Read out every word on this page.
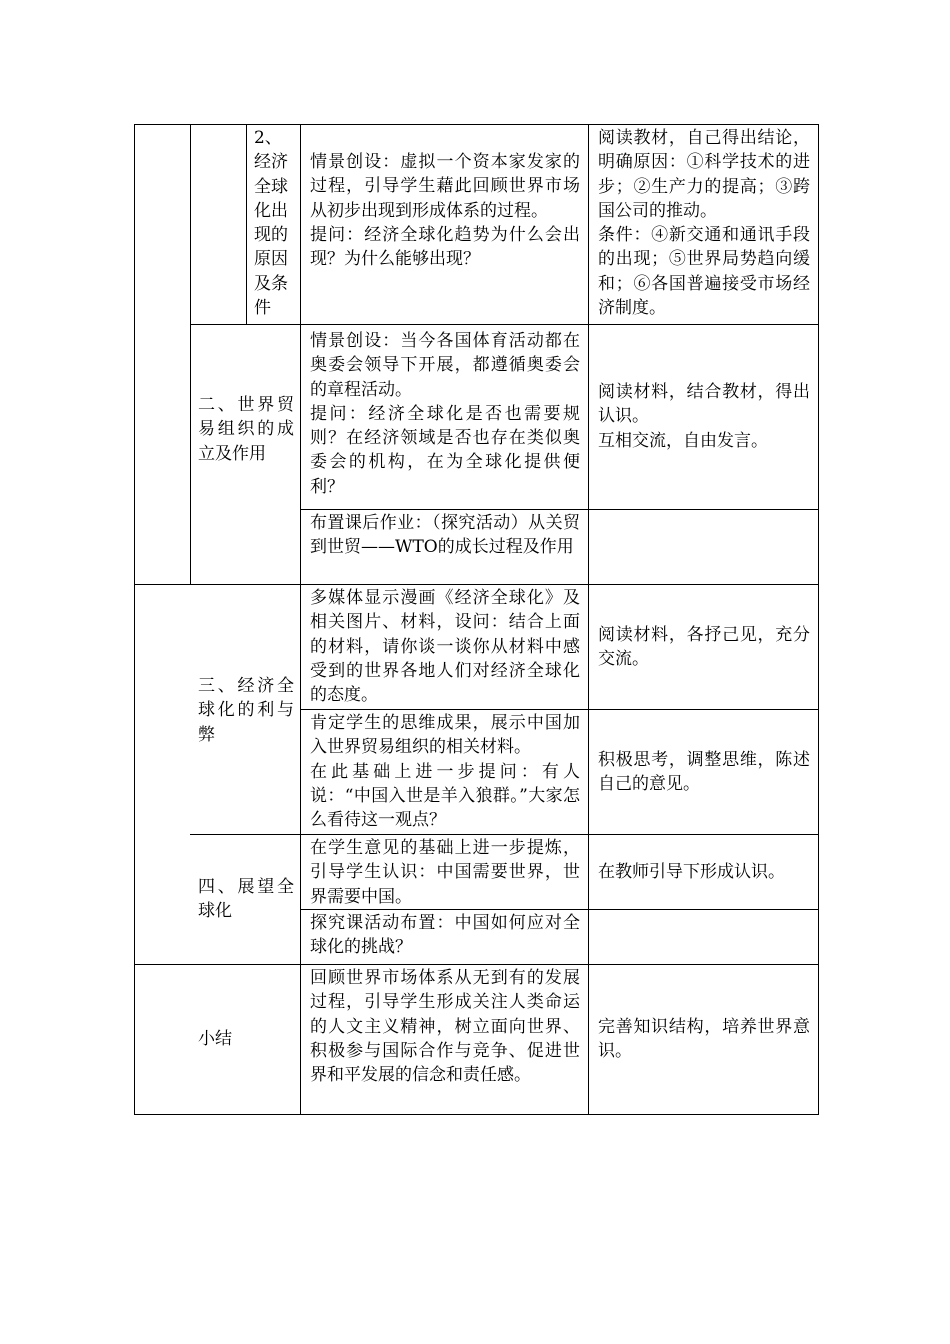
2、经济全球化出现的原因及条件
情景创设：虚拟一个资本家发家的过程，引导学生藉此回顾世界市场从初步出现到形成体系的过程。
提问：经济全球化趋势为什么会出现？为什么能够出现？
阅读教材，自己得出结论，明确原因：①科学技术的进步；②生产力的提高；③跨国公司的推动。
条件：④新交通和通讯手段的出现；⑤世界局势趋向缓和；⑥各国普遍接受市场经济制度。
二、世界贸易组织的成立及作用
情景创设：当今各国体育活动都在奥委会领导下开展，都遵循奥委会的章程活动。
提问：经济全球化是否也需要规则？在经济领域是否也存在类似奥委会的机构，在为全球化提供便利？
阅读材料，结合教材，得出认识。
互相交流，自由发言。
布置课后作业：（探究活动）从关贸到世贸——WTO的成长过程及作用
三、经济全球化的利与弊
多媒体显示漫画《经济全球化》及相关图片、材料，设问：结合上面的材料，请你谈一谈你从材料中感受到的世界各地人们对经济全球化的态度。
阅读材料，各抒己见，充分交流。
肯定学生的思维成果，展示中国加入世界贸易组织的相关材料。
在此基础上进一步提问：有人说：“中国入世是羊入狼群。”大家怎么看待这一观点？
积极思考，调整思维，陈述自己的意见。
四、展望全球化
在学生意见的基础上进一步提炼，引导学生认识：中国需要世界，世界需要中国。
在教师引导下形成认识。
探究课活动布置：中国如何应对全球化的挑战？
小结
回顾世界市场体系从无到有的发展过程，引导学生形成关注人类命运的人文主义精神，树立面向世界、积极参与国际合作与竞争、促进世界和平发展的信念和责任感。
完善知识结构，培养世界意识。
